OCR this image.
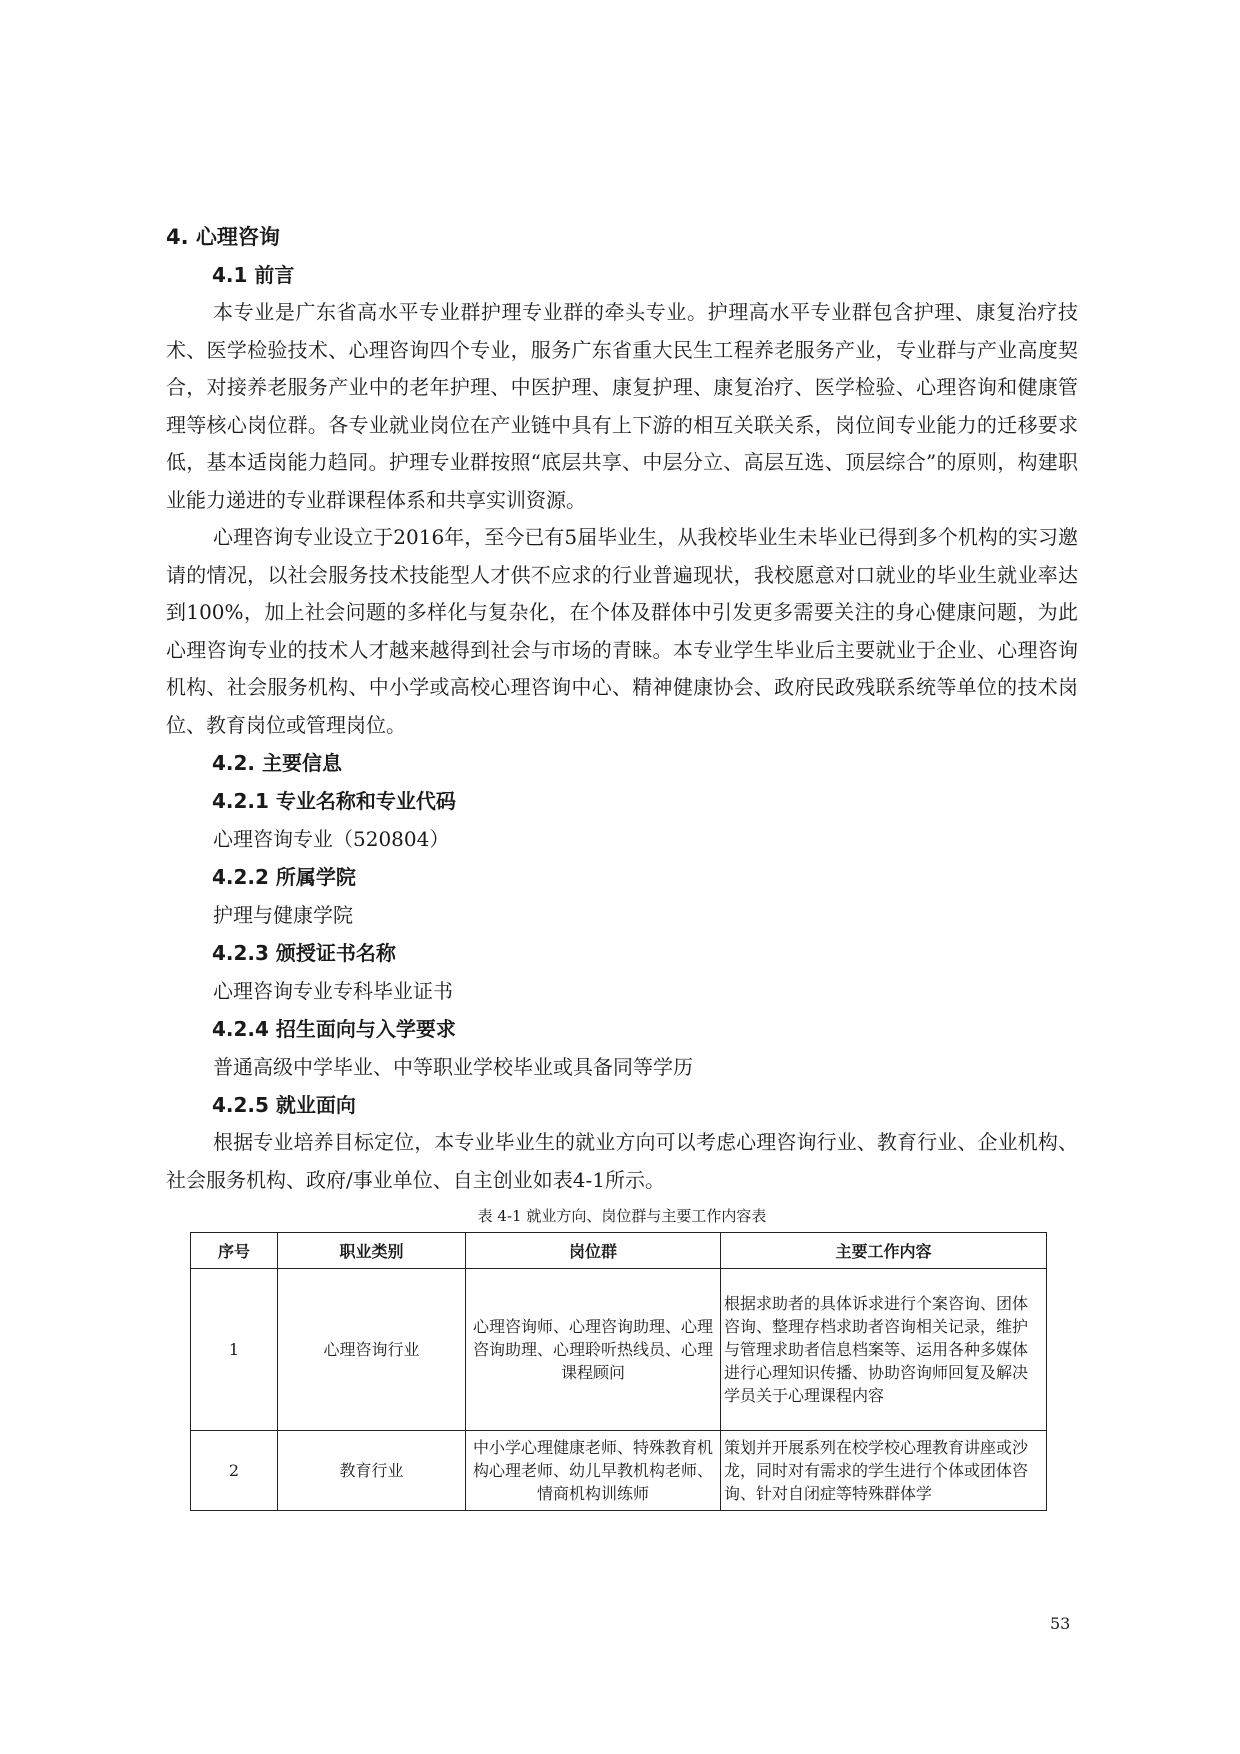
4. 心理咨询
4.1 前言

本专业是广东省高水平专业群护理专业群的牵头专业。护理高水平专业群包含护理、康复治疗技术、医学检验技术、心理咨询四个专业，服务广东省重大民生工程养老服务产业，专业群与产业高度契合，对接养老服务产业中的老年护理、中医护理、康复护理、康复治疗、医学检验、心理咨询和健康管理等核心岗位群。各专业就业岗位在产业链中具有上下游的相互关联关系，岗位间专业能力的迁移要求低，基本适岗能力趋同。护理专业群按照“底层共享、中层分立、高层互选、顶层综合”的原则，构建职业能力递进的专业群课程体系和共享实训资源。

心理咨询专业设立于2016年，至今已有5届毕业生，从我校毕业生未毕业已得到多个机构的实习邀请的情况，以社会服务技术技能型人才供不应求的行业普遍现状，我校愿意对口就业的毕业生就业率达到100%，加上社会问题的多样化与复杂化，在个体及群体中引发更多需要关注的身心健康问题，为此心理咨询专业的技术人才越来越得到社会与市场的青睐。本专业学生毕业后主要就业于企业、心理咨询机构、社会服务机构、中小学或高校心理咨询中心、精神健康协会、政府民政残联系统等单位的技术岗位、教育岗位或管理岗位。

4.2. 主要信息
4.2.1 专业名称和专业代码
心理咨询专业（520804）
4.2.2 所属学院
护理与健康学院
4.2.3 颁授证书名称
心理咨询专业专科毕业证书
4.2.4 招生面向与入学要求
普通高级中学毕业、中等职业学校毕业或具备同等学历
4.2.5 就业面向

根据专业培养目标定位，本专业毕业生的就业方向可以考虑心理咨询行业、教育行业、企业机构、社会服务机构、政府/事业单位、自主创业如表4-1所示。

表 4-1 就业方向、岗位群与主要工作内容表
序号	职业类别	岗位群	主要工作内容
1	心理咨询行业	心理咨询师、心理咨询助理、心理咨询助理、心理聆听热线员、心理课程顾问	根据求助者的具体诉求进行个案咨询、团体咨询、整理存档求助者咨询相关记录，维护与管理求助者信息档案等、运用各种多媒体进行心理知识传播、协助咨询师回复及解决学员关于心理课程内容
2	教育行业	中小学心理健康老师、特殊教育机构心理老师、幼儿早教机构老师、情商机构训练师	策划并开展系列在校学校心理教育讲座或沙龙，同时对有需求的学生进行个体或团体咨询、针对自闭症等特殊群体学
53
